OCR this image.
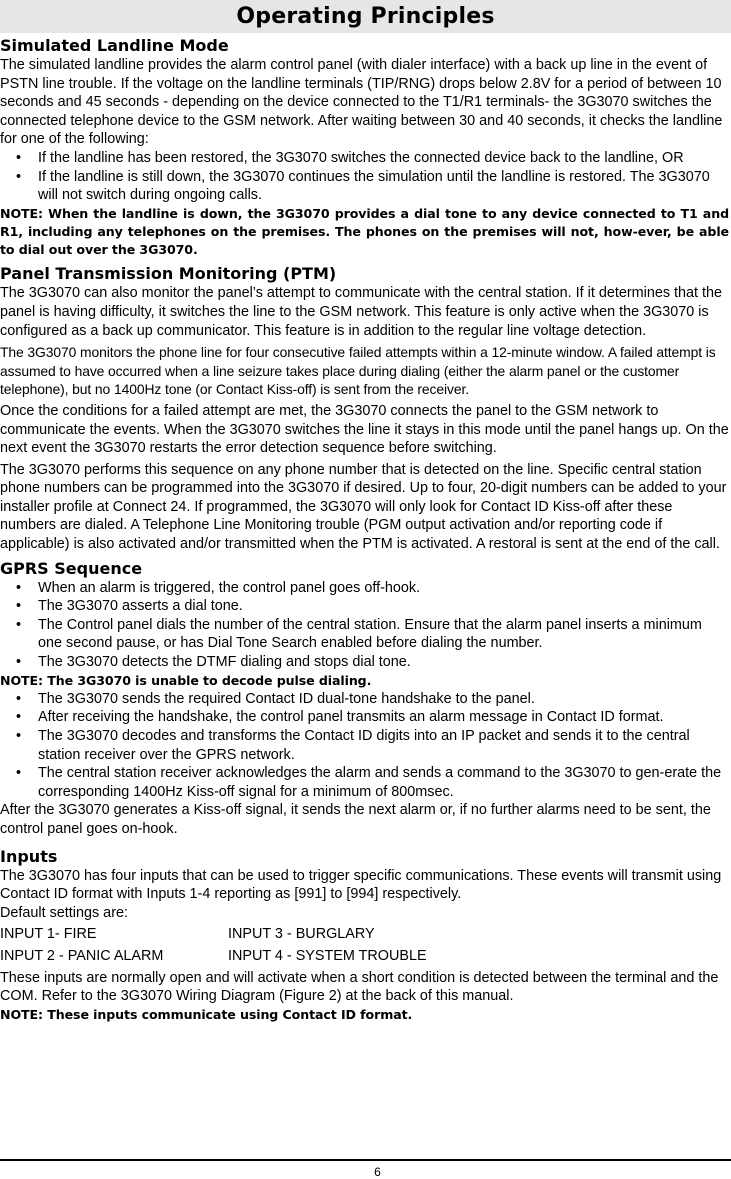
Operating Principles
Simulated Landline Mode

The simulated landline provides the alarm control panel (with dialer interface) with a back up line in the event of PSTN line trouble. If the voltage on the landline terminals (TIP/RNG) drops below 2.8V for a period of between 10 seconds and 45 seconds - depending on the device connected to the T1/R1 terminals- the 3G3070 switches the connected telephone device to the GSM network. After waiting between 30 and 40 seconds, it checks the landline for one of the following:

• If the landline has been restored, the 3G3070 switches the connected device back to the landline, OR
• If the landline is still down, the 3G3070 continues the simulation until the landline is restored. The 3G3070 will not switch during ongoing calls.

NOTE: When the landline is down, the 3G3070 provides a dial tone to any device connected to T1 and R1, including any telephones on the premises. The phones on the premises will not, how-ever, be able to dial out over the 3G3070.

Panel Transmission Monitoring (PTM)

The 3G3070 can also monitor the panel’s attempt to communicate with the central station. If it determines that the panel is having difficulty, it switches the line to the GSM network. This feature is only active when the 3G3070 is configured as a back up communicator. This feature is in addition to the regular line voltage detection.

The 3G3070 monitors the phone line for four consecutive failed attempts within a 12-minute window. A failed attempt is assumed to have occurred when a line seizure takes place during dialing (either the alarm panel or the customer telephone), but no 1400Hz tone (or Contact Kiss-off) is sent from the receiver.

Once the conditions for a failed attempt are met, the 3G3070 connects the panel to the GSM network to communicate the events. When the 3G3070 switches the line it stays in this mode until the panel hangs up. On the next event the 3G3070 restarts the error detection sequence before switching.

The 3G3070 performs this sequence on any phone number that is detected on the line. Specific central station phone numbers can be programmed into the 3G3070 if desired. Up to four, 20-digit numbers can be added to your installer profile at Connect 24. If programmed, the 3G3070 will only look for Contact ID Kiss-off after these numbers are dialed. A Telephone Line Monitoring trouble (PGM output activation and/or reporting code if applicable) is also activated and/or transmitted when the PTM is activated. A restoral is sent at the end of the call.

GPRS Sequence
• When an alarm is triggered, the control panel goes off-hook.
• The 3G3070 asserts a dial tone.
• The Control panel dials the number of the central station. Ensure that the alarm panel inserts a minimum one second pause, or has Dial Tone Search enabled before dialing the number.
• The 3G3070 detects the DTMF dialing and stops dial tone.

NOTE: The 3G3070 is unable to decode pulse dialing.

• The 3G3070 sends the required Contact ID dual-tone handshake to the panel.
• After receiving the handshake, the control panel transmits an alarm message in Contact ID format.
• The 3G3070 decodes and transforms the Contact ID digits into an IP packet and sends it to the central station receiver over the GPRS network.
• The central station receiver acknowledges the alarm and sends a command to the 3G3070 to gen-erate the corresponding 1400Hz Kiss-off signal for a minimum of 800msec.

After the 3G3070 generates a Kiss-off signal, it sends the next alarm or, if no further alarms need to be sent, the control panel goes on-hook.

Inputs

The 3G3070 has four inputs that can be used to trigger specific communications. These events will transmit using Contact ID format with Inputs 1-4 reporting as [991] to [994] respectively.

Default settings are:

INPUT 1- FIRE	INPUT 3 - BURGLARY
INPUT 2 - PANIC ALARM	INPUT 4 - SYSTEM TROUBLE

These inputs are normally open and will activate when a short condition is detected between the terminal and the COM. Refer to the 3G3070 Wiring Diagram (Figure 2) at the back of this manual.

NOTE: These inputs communicate using Contact ID format.

6
